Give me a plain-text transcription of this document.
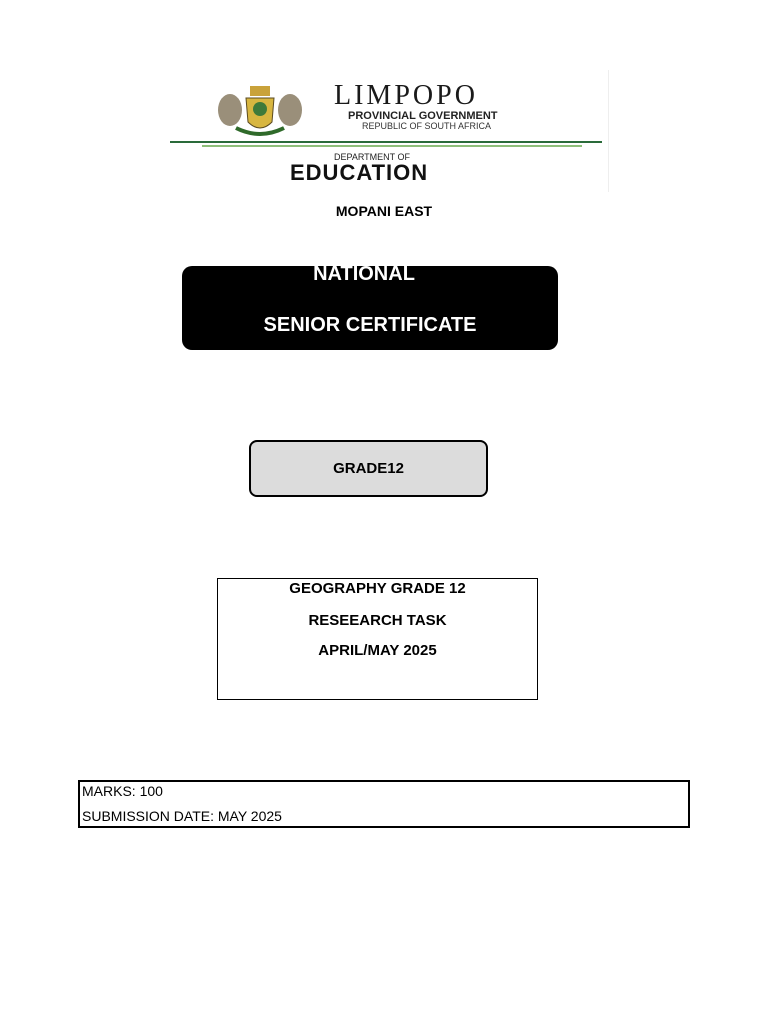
LIMPOPO
PROVINCIAL GOVERNMENT
REPUBLIC OF SOUTH AFRICA
DEPARTMENT OF
EDUCATION
MOPANI EAST
NATIONAL
SENIOR CERTIFICATE
GRADE12
GEOGRAPHY GRADE 12
RESEEARCH TASK
APRIL/MAY 2025
MARKS: 100
SUBMISSION DATE: MAY 2025
